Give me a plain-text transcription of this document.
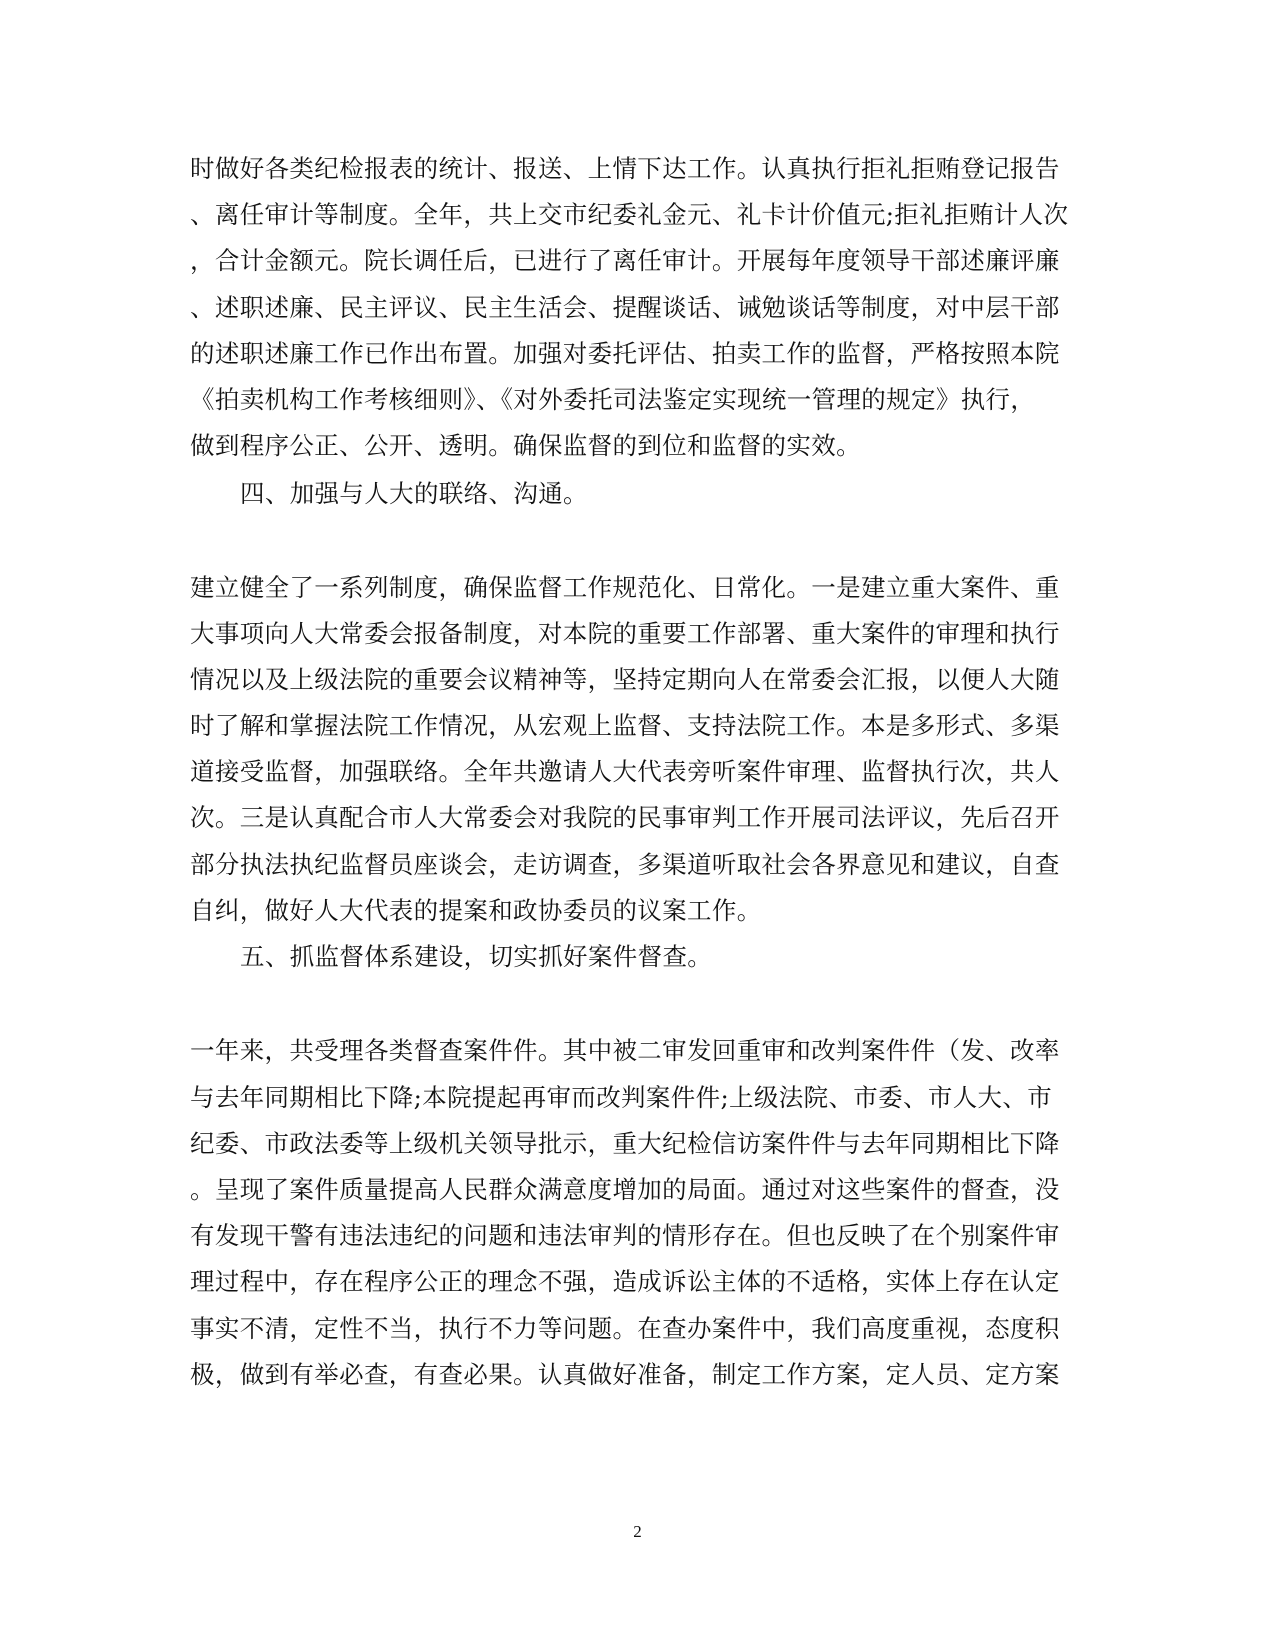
时做好各类纪检报表的统计、报送、上情下达工作。认真执行拒礼拒贿登记报告
、离任审计等制度。全年，共上交市纪委礼金元、礼卡计价值元;拒礼拒贿计人次
，合计金额元。院长调任后，已进行了离任审计。开展每年度领导干部述廉评廉
、述职述廉、民主评议、民主生活会、提醒谈话、诫勉谈话等制度，对中层干部
的述职述廉工作已作出布置。加强对委托评估、拍卖工作的监督，严格按照本院
《拍卖机构工作考核细则》、《对外委托司法鉴定实现统一管理的规定》执行，
做到程序公正、公开、透明。确保监督的到位和监督的实效。
四、加强与人大的联络、沟通。
建立健全了一系列制度，确保监督工作规范化、日常化。一是建立重大案件、重
大事项向人大常委会报备制度，对本院的重要工作部署、重大案件的审理和执行
情况以及上级法院的重要会议精神等，坚持定期向人在常委会汇报，以便人大随
时了解和掌握法院工作情况，从宏观上监督、支持法院工作。本是多形式、多渠
道接受监督，加强联络。全年共邀请人大代表旁听案件审理、监督执行次，共人
次。三是认真配合市人大常委会对我院的民事审判工作开展司法评议，先后召开
部分执法执纪监督员座谈会，走访调查，多渠道听取社会各界意见和建议，自查
自纠，做好人大代表的提案和政协委员的议案工作。
五、抓监督体系建设，切实抓好案件督查。
一年来，共受理各类督查案件件。其中被二审发回重审和改判案件件（发、改率
与去年同期相比下降;本院提起再审而改判案件件;上级法院、市委、市人大、市
纪委、市政法委等上级机关领导批示，重大纪检信访案件件与去年同期相比下降
。呈现了案件质量提高人民群众满意度增加的局面。通过对这些案件的督查，没
有发现干警有违法违纪的问题和违法审判的情形存在。但也反映了在个别案件审
理过程中，存在程序公正的理念不强，造成诉讼主体的不适格，实体上存在认定
事实不清，定性不当，执行不力等问题。在查办案件中，我们高度重视，态度积
极，做到有举必查，有查必果。认真做好准备，制定工作方案，定人员、定方案
2
